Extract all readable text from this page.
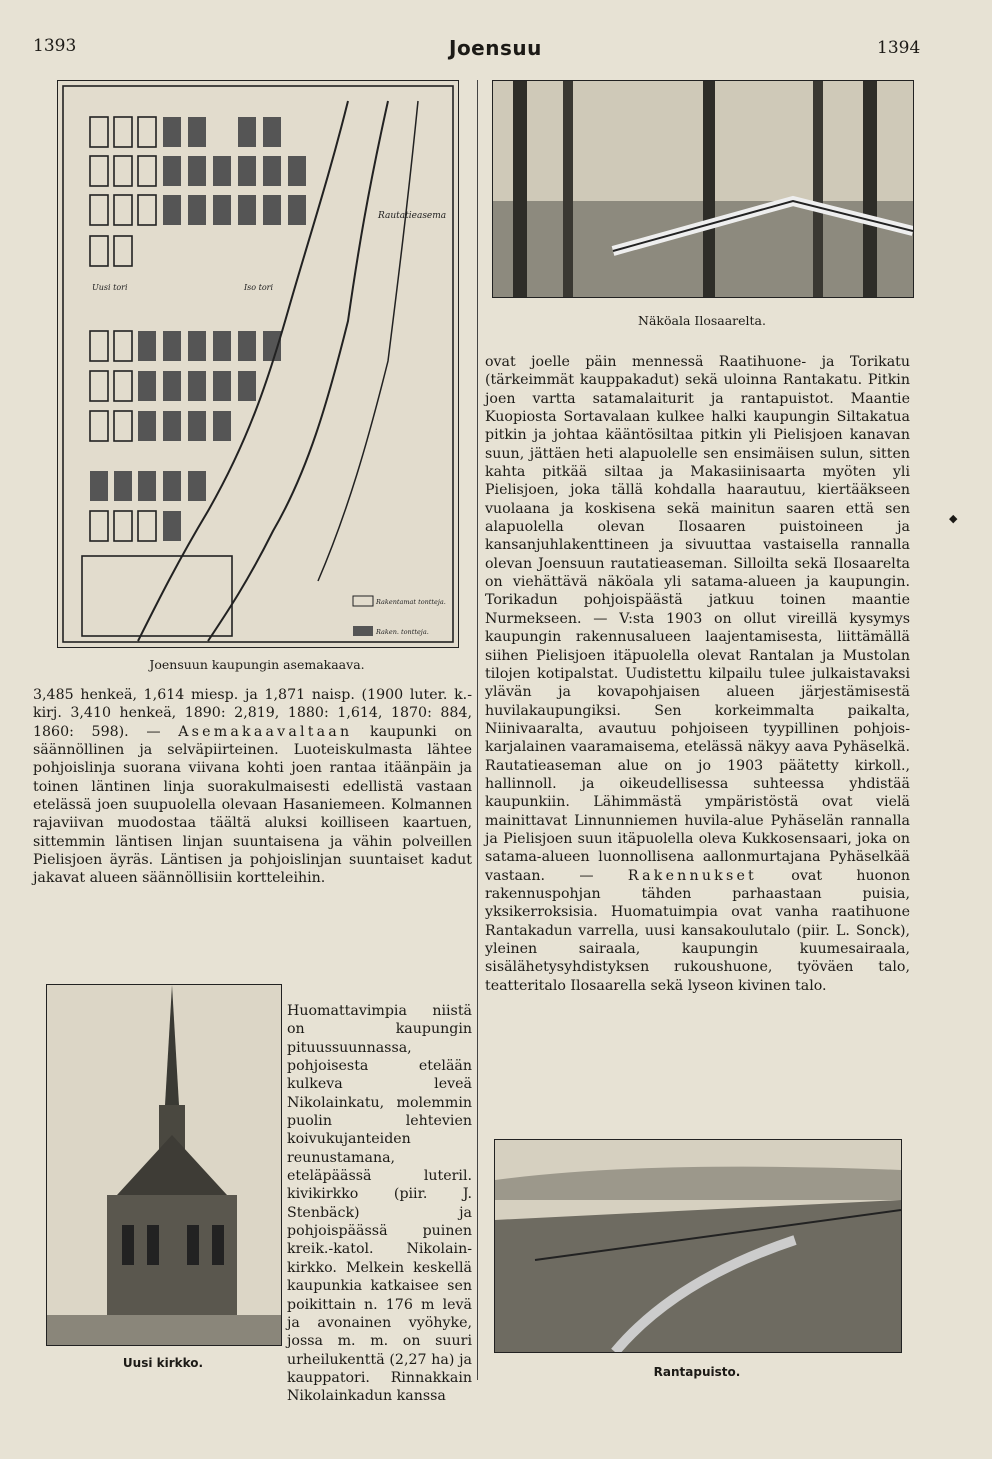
1393	Joensuu	1394
Rautatieasema
Uusi tori	Iso tori
Rakentamat tontteja.
Raken. tontteja.
Joensuun kaupungin asemakaava.

3,485 henkeä, 1,614 miesp. ja 1,871 naisp. (1900 luter. k.-kirj. 3,410 henkeä, 1890: 2,819, 1880: 1,614, 1870: 884, 1860: 598). — Asemakaavaltaan kaupunki on säännöllinen ja selväpiirteinen. Luoteiskulmasta lähtee pohjoislinja suorana viivana kohti joen rantaa itäänpäin ja toinen läntinen linja suorakulmaisesti edellistä vastaan etelässä joen suupuolella olevaan Hasaniemeen. Kolmannen rajaviivan muodostaa täältä aluksi koilliseen kaartuen, sittemmin läntisen linjan suuntaisena ja vähin polveillen Pielisjoen äyräs. Läntisen ja pohjoislinjan suuntaiset kadut jakavat alueen säännöllisiin kortteleihin.

Uusi kirkko.
Huomattavimpia niistä on kaupungin pituussuunnassa, pohjoisesta etelään kulkeva leveä Nikolainkatu, molemmin puolin lehtevien koivukujanteiden reunustamana, eteläpäässä luteril. kivikirkko (piir. J. Stenbäck) ja pohjoispäässä puinen kreik.-katol. Nikolain-kirkko. Melkein keskellä kaupunkia katkaisee sen poikittain n. 176 m levä ja avonainen vyöhyke, jossa m. m. on suuri urheilukenttä (2,27 ha) ja kauppatori. Rinnakkain Nikolainkadun kanssa
Näköala Ilosaarelta.

ovat joelle päin mennessä Raatihuone- ja Torikatu (tärkeimmät kauppakadut) sekä uloinna Rantakatu. Pitkin joen vartta satamalaiturit ja rantapuistot. Maantie Kuopiosta Sortavalaan kulkee halki kaupungin Siltakatua pitkin ja johtaa kääntösiltaa pitkin yli Pielisjoen kanavan suun, jättäen heti alapuolelle sen ensimäisen sulun, sitten kahta pitkää siltaa ja Makasiinisaarta myöten yli Pielisjoen, joka tällä kohdalla haarautuu, kiertääkseen vuolaana ja koskisena sekä mainitun saaren että sen alapuolella olevan Ilosaaren puistoineen ja kansanjuhlakenttineen ja sivuuttaa vastaisella rannalla olevan Joensuun rautatieaseman. Silloilta sekä Ilosaarelta on viehättävä näköala yli satama-alueen ja kaupungin. Torikadun pohjoispäästä jatkuu toinen maantie Nurmekseen. — V:sta 1903 on ollut vireillä kysymys kaupungin rakennusalueen laajentamisesta, liittämällä siihen Pielisjoen itäpuolella olevat Rantalan ja Mustolan tilojen kotipalstat. Uudistettu kilpailu tulee julkaistavaksi ylävän ja kovapohjaisen alueen järjestämisestä huvilakaupungiksi. Sen korkeimmalta paikalta, Niinivaaralta, avautuu pohjoiseen tyypillinen pohjois-karjalainen vaaramaisema, etelässä näkyy aava Pyhäselkä. Rautatieaseman alue on jo 1903 päätetty kirkoll., hallinnoll. ja oikeudellisessa suhteessa yhdistää kaupunkiin. Lähimmästä ympäristöstä ovat vielä mainittavat Linnunniemen huvila-alue Pyhäselän rannalla ja Pielisjoen suun itäpuolella oleva Kukkosensaari, joka on satama-alueen luonnollisena aallonmurtajana Pyhäselkää vastaan. — Rakennukset ovat huonon rakennuspohjan tähden parhaastaan puisia, yksikerroksisia. Huomatuimpia ovat vanha raatihuone Rantakadun varrella, uusi kansakoulutalo (piir. L. Sonck), yleinen sairaala, kaupungin kuumesairaala, sisälähetysyhdistyksen rukoushuone, työväen talo, teatteritalo Ilosaarella sekä lyseon kivinen talo.

◆
Rantapuisto.
